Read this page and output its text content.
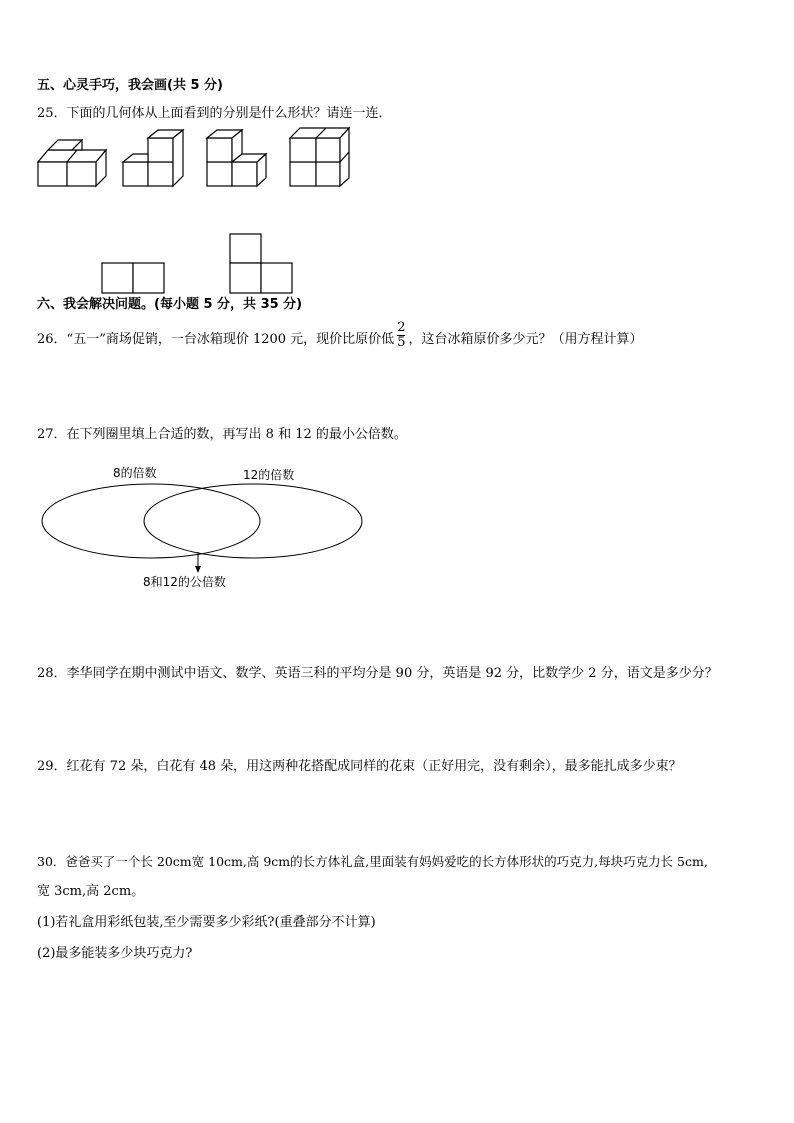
五、心灵手巧，我会画(共 5 分)
25．下面的几何体从上面看到的分别是什么形状？请连一连．
六、我会解决问题。(每小题 5 分，共 35 分)
26．“五一”商场促销，一台冰箱现价 1200 元，现价比原价低 $\frac{2}{5}$ ，这台冰箱原价多少元？（用方程计算）
27．在下列圈里填上合适的数，再写出 8 和 12 的最小公倍数。
8的倍数	12的倍数
8和12的公倍数
28．李华同学在期中测试中语文、数学、英语三科的平均分是 90 分，英语是 92 分，比数学少 2 分，语文是多少分？
29．红花有 72 朵，白花有 48 朵，用这两种花搭配成同样的花束（正好用完，没有剩余），最多能扎成多少束？
30．爸爸买了一个长 20cm宽 10cm,高 9cm的长方体礼盒,里面装有妈妈爱吃的长方体形状的巧克力,每块巧克力长 5cm,
宽 3cm,高 2cm。
(1)若礼盒用彩纸包装,至少需要多少彩纸?(重叠部分不计算)
(2)最多能装多少块巧克力?
